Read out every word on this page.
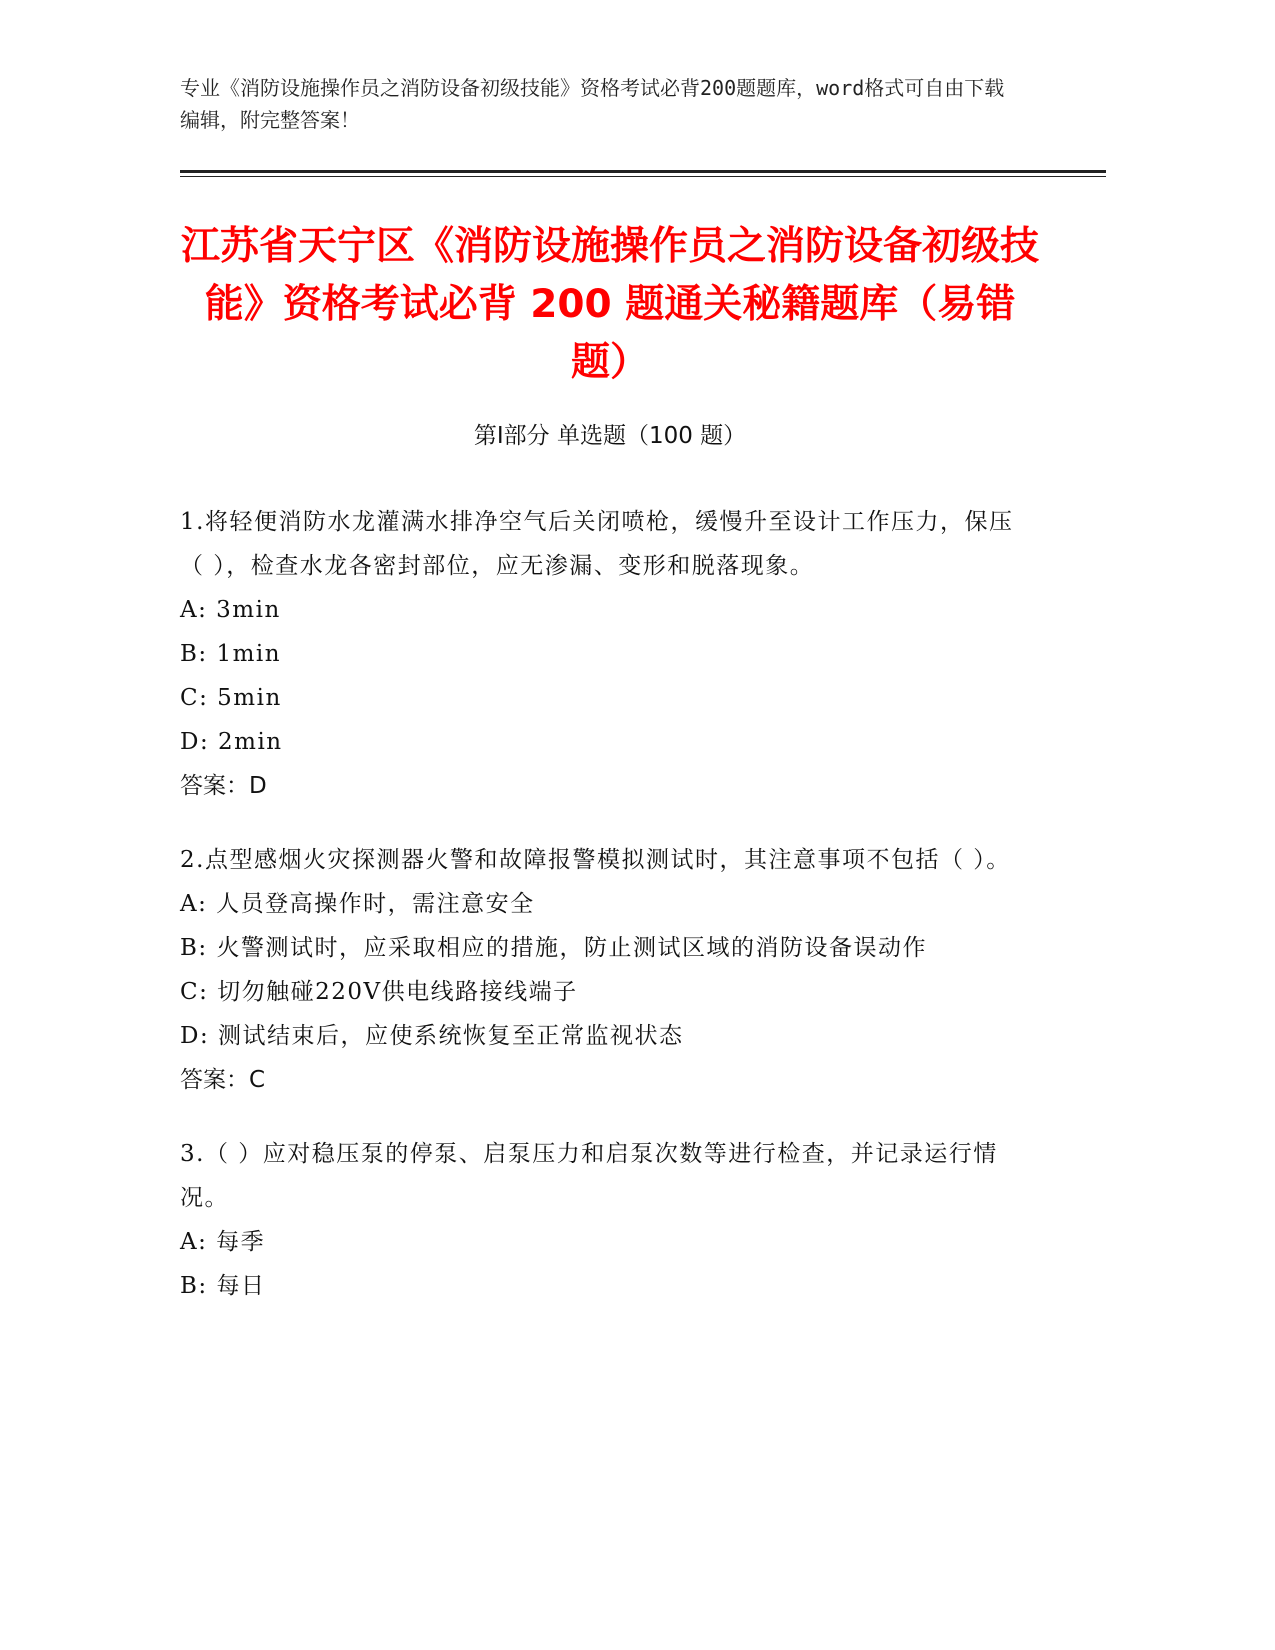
专业《消防设施操作员之消防设备初级技能》资格考试必背200题题库，word格式可自由下载编辑，附完整答案！
江苏省天宁区《消防设施操作员之消防设备初级技能》资格考试必背 200 题通关秘籍题库（易错题）
第Ⅰ部分 单选题（100 题）
1.将轻便消防水龙灌满水排净空气后关闭喷枪，缓慢升至设计工作压力，保压（ ），检查水龙各密封部位，应无渗漏、变形和脱落现象。
A: 3min
B: 1min
C: 5min
D: 2min
答案：D
2.点型感烟火灾探测器火警和故障报警模拟测试时，其注意事项不包括（ ）。
A: 人员登高操作时，需注意安全
B: 火警测试时，应采取相应的措施，防止测试区域的消防设备误动作
C: 切勿触碰220V供电线路接线端子
D: 测试结束后，应使系统恢复至正常监视状态
答案：C
3.（ ）应对稳压泵的停泵、启泵压力和启泵次数等进行检查，并记录运行情况。
A: 每季
B: 每日
